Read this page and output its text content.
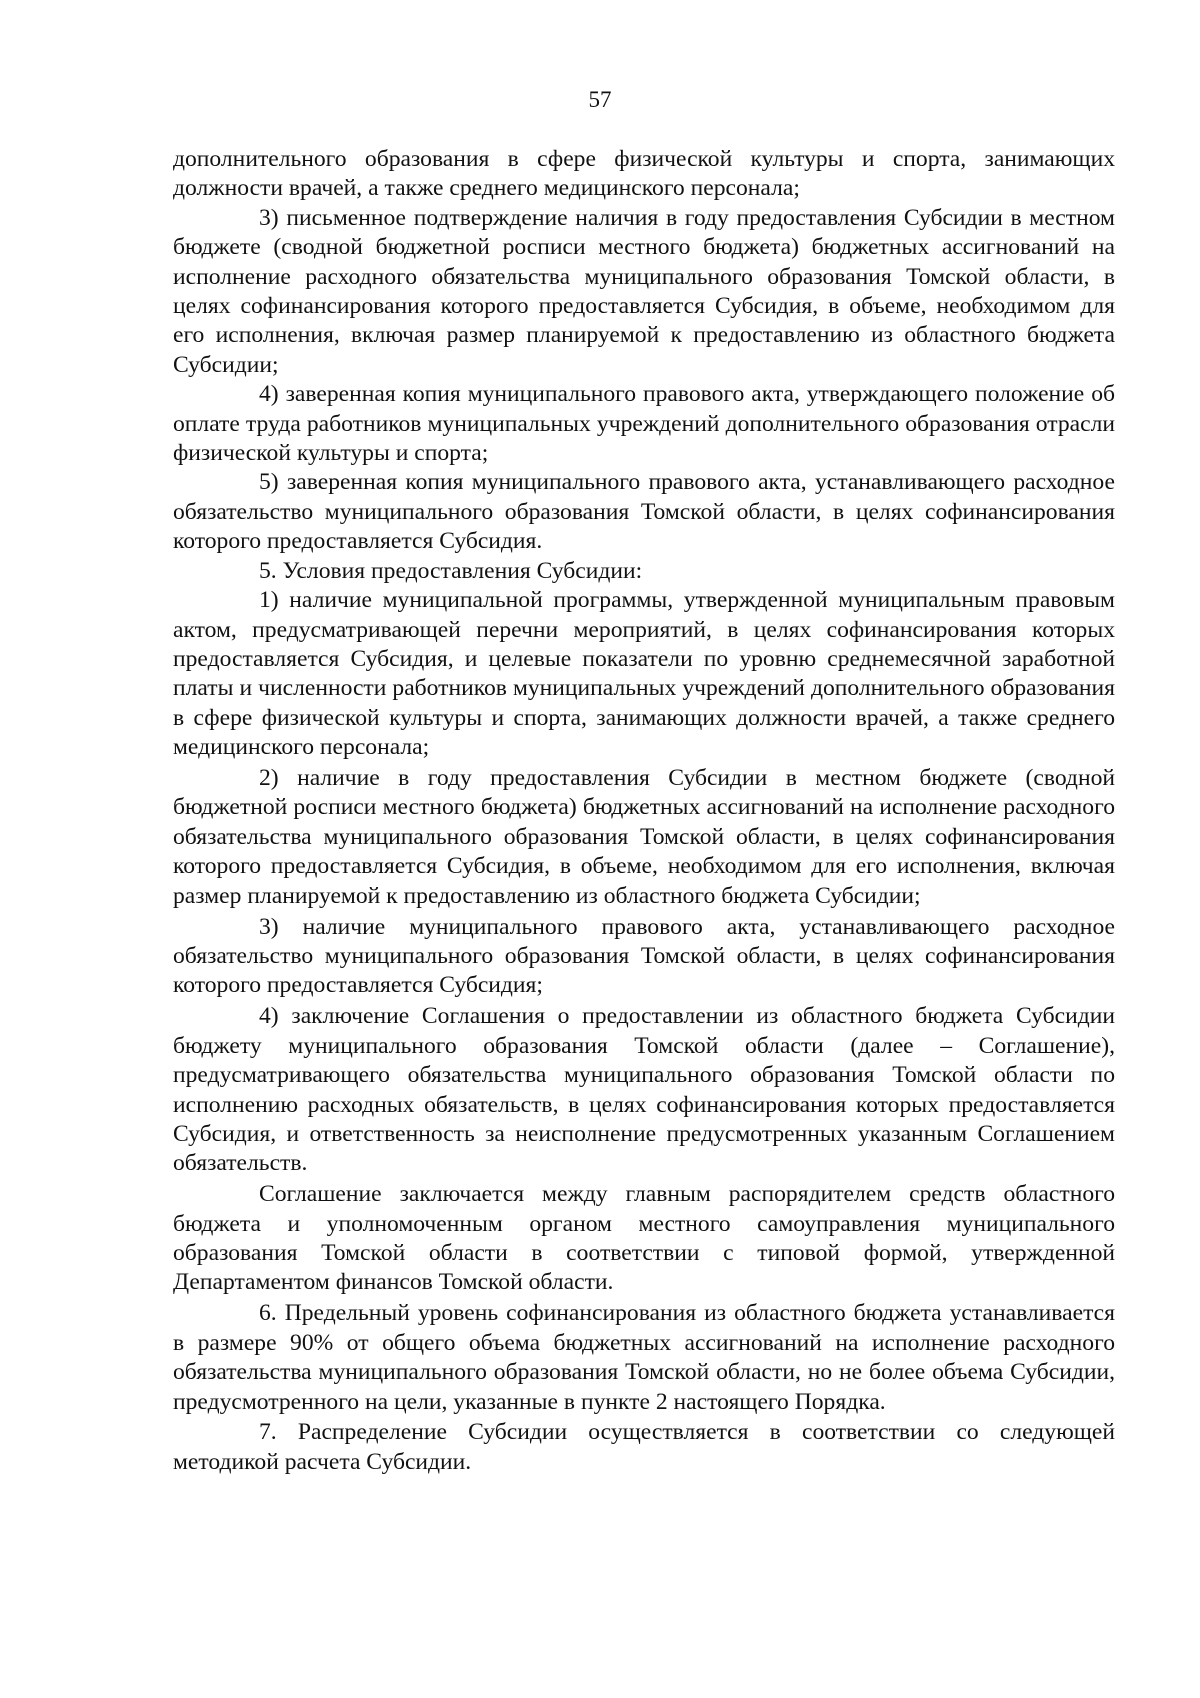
57

дополнительного образования в сфере физической культуры и спорта, занимающих должности врачей, а также среднего медицинского персонала;

3) письменное подтверждение наличия в году предоставления Субсидии в местном бюджете (сводной бюджетной росписи местного бюджета) бюджетных ассигнований на исполнение расходного обязательства муниципального образования Томской области, в целях софинансирования которого предоставляется Субсидия, в объеме, необходимом для его исполнения, включая размер планируемой к предоставлению из областного бюджета Субсидии;

4) заверенная копия муниципального правового акта, утверждающего положение об оплате труда работников муниципальных учреждений дополнительного образования отрасли физической культуры и спорта;

5) заверенная копия муниципального правового акта, устанавливающего расходное обязательство муниципального образования Томской области, в целях софинансирования которого предоставляется Субсидия.

5. Условия предоставления Субсидии:

1) наличие муниципальной программы, утвержденной муниципальным правовым актом, предусматривающей перечни мероприятий, в целях софинансирования которых предоставляется Субсидия, и целевые показатели по уровню среднемесячной заработной платы и численности работников муниципальных учреждений дополнительного образования в сфере физической культуры и спорта, занимающих должности врачей, а также среднего медицинского персонала;

2) наличие в году предоставления Субсидии в местном бюджете (сводной бюджетной росписи местного бюджета) бюджетных ассигнований на исполнение расходного обязательства муниципального образования Томской области, в целях софинансирования которого предоставляется Субсидия, в объеме, необходимом для его исполнения, включая размер планируемой к предоставлению из областного бюджета Субсидии;

3) наличие муниципального правового акта, устанавливающего расходное обязательство муниципального образования Томской области, в целях софинансирования которого предоставляется Субсидия;

4) заключение Соглашения о предоставлении из областного бюджета Субсидии бюджету муниципального образования Томской области (далее – Соглашение), предусматривающего обязательства муниципального образования Томской области по исполнению расходных обязательств, в целях софинансирования которых предоставляется Субсидия, и ответственность за неисполнение предусмотренных указанным Соглашением обязательств.

Соглашение заключается между главным распорядителем средств областного бюджета и уполномоченным органом местного самоуправления муниципального образования Томской области в соответствии с типовой формой, утвержденной Департаментом финансов Томской области.

6. Предельный уровень софинансирования из областного бюджета устанавливается в размере 90% от общего объема бюджетных ассигнований на исполнение расходного обязательства муниципального образования Томской области, но не более объема Субсидии, предусмотренного на цели, указанные в пункте 2 настоящего Порядка.

7. Распределение Субсидии осуществляется в соответствии со следующей методикой расчета Субсидии.
